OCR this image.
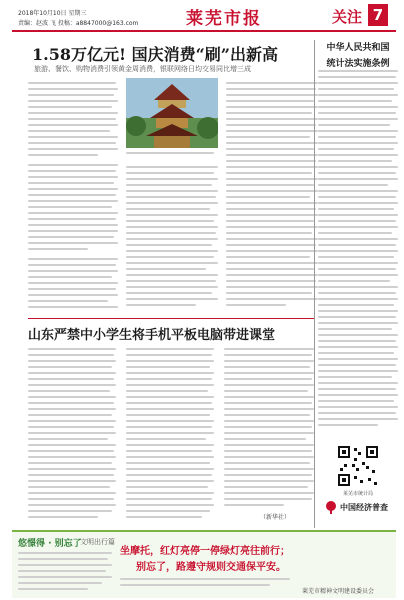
2018年10月10日 星期三
责编：赵波 飞 投稿：a8847000@163.com	莱芜市报	关注 7
1.58万亿元! 国庆消费“刷”出新高
旅游、餐饮、购物消费引领黄金周消费，银联网络日均交易同比增三成
中华人民共和国
统计法实施条例
莱芜市统计局
中国经济普查
山东严禁中小学生将手机平板电脑带进课堂
（新华社）
悠憬得 · 别忘了
文明出行篇
坐摩托，红灯亮停一停绿灯亮往前行；
别忘了，路遵守规则交通保平安。
莱芜市精神文明建设委员会
